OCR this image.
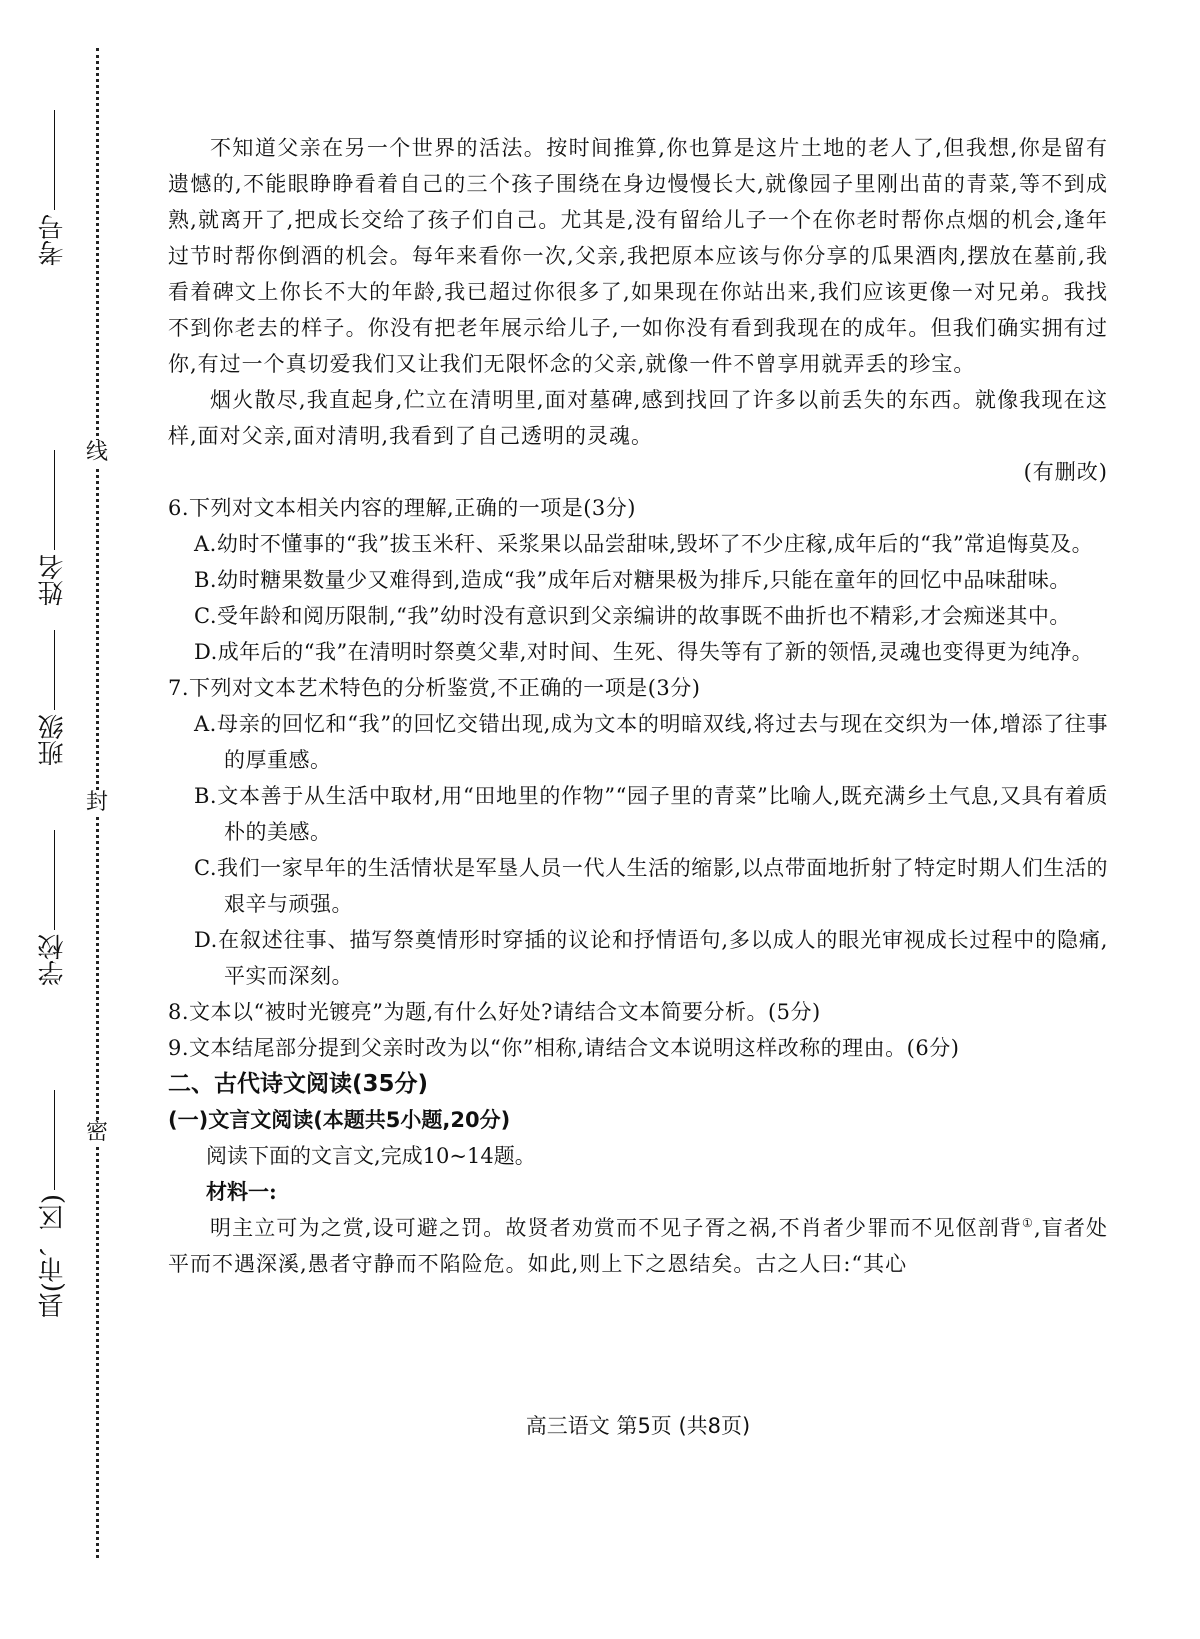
考号
姓名
班级
学校
县(市、区)
线
封
密

不知道父亲在另一个世界的活法。按时间推算,你也算是这片土地的老人了,但我想,你是留有遗憾的,不能眼睁睁看着自己的三个孩子围绕在身边慢慢长大,就像园子里刚出苗的青菜,等不到成熟,就离开了,把成长交给了孩子们自己。尤其是,没有留给儿子一个在你老时帮你点烟的机会,逢年过节时帮你倒酒的机会。每年来看你一次,父亲,我把原本应该与你分享的瓜果酒肉,摆放在墓前,我看着碑文上你长不大的年龄,我已超过你很多了,如果现在你站出来,我们应该更像一对兄弟。我找不到你老去的样子。你没有把老年展示给儿子,一如你没有看到我现在的成年。但我们确实拥有过你,有过一个真切爱我们又让我们无限怀念的父亲,就像一件不曾享用就弄丢的珍宝。

烟火散尽,我直起身,伫立在清明里,面对墓碑,感到找回了许多以前丢失的东西。就像我现在这样,面对父亲,面对清明,我看到了自己透明的灵魂。

(有删改)

6.下列对文本相关内容的理解,正确的一项是(3分)

A.幼时不懂事的“我”拔玉米秆、采浆果以品尝甜味,毁坏了不少庄稼,成年后的“我”常追悔莫及。

B.幼时糖果数量少又难得到,造成“我”成年后对糖果极为排斥,只能在童年的回忆中品味甜味。

C.受年龄和阅历限制,“我”幼时没有意识到父亲编讲的故事既不曲折也不精彩,才会痴迷其中。

D.成年后的“我”在清明时祭奠父辈,对时间、生死、得失等有了新的领悟,灵魂也变得更为纯净。

7.下列对文本艺术特色的分析鉴赏,不正确的一项是(3分)

A.母亲的回忆和“我”的回忆交错出现,成为文本的明暗双线,将过去与现在交织为一体,增添了往事的厚重感。

B.文本善于从生活中取材,用“田地里的作物”“园子里的青菜”比喻人,既充满乡土气息,又具有着质朴的美感。

C.我们一家早年的生活情状是军垦人员一代人生活的缩影,以点带面地折射了特定时期人们生活的艰辛与顽强。

D.在叙述往事、描写祭奠情形时穿插的议论和抒情语句,多以成人的眼光审视成长过程中的隐痛,平实而深刻。

8.文本以“被时光镀亮”为题,有什么好处?请结合文本简要分析。(5分)

9.文本结尾部分提到父亲时改为以“你”相称,请结合文本说明这样改称的理由。(6分)

二、古代诗文阅读(35分)

(一)文言文阅读(本题共5小题,20分)

阅读下面的文言文,完成10~14题。

材料一:

明主立可为之赏,设可避之罚。故贤者劝赏而不见子胥之祸,不肖者少罪而不见伛剖背①,盲者处平而不遇深溪,愚者守静而不陷险危。如此,则上下之恩结矣。古之人曰:“其心

高三语文 第5页 (共8页)
